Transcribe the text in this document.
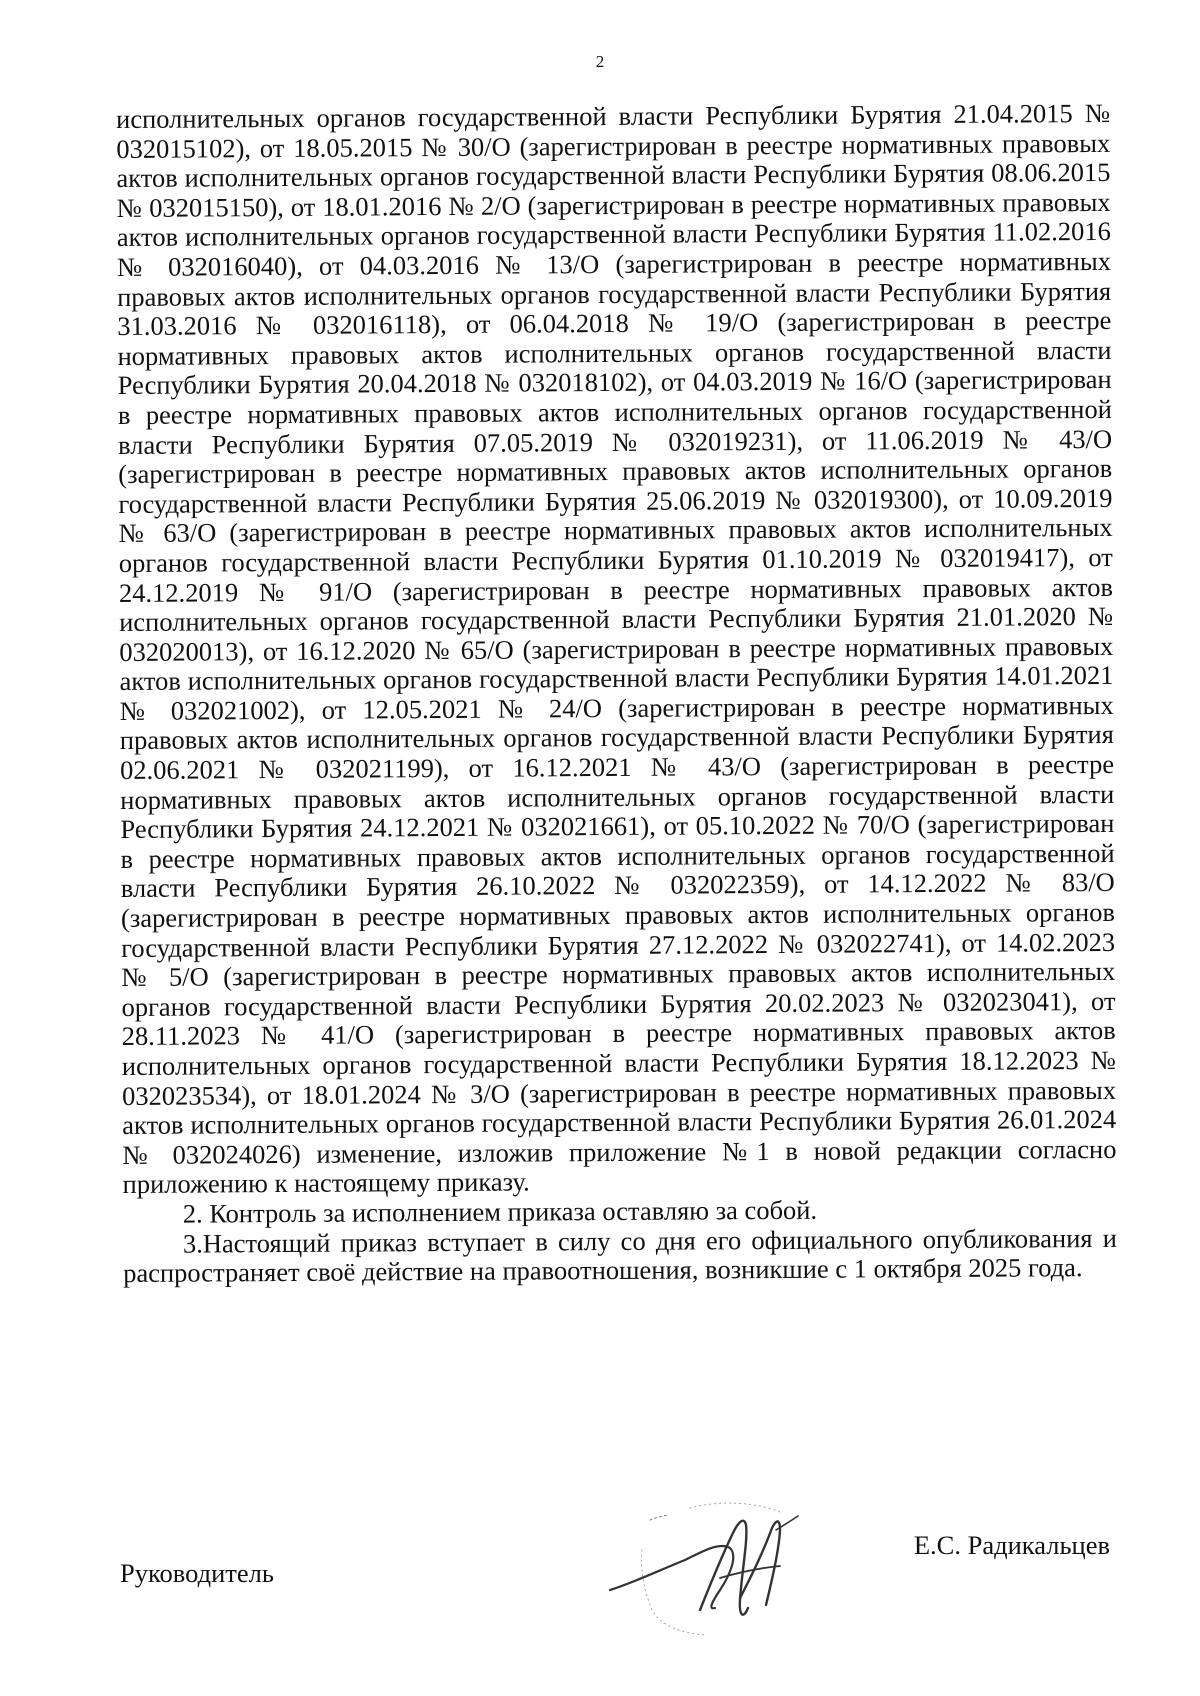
2

исполнительных органов государственной власти Республики Бурятия 21.04.2015 № 032015102), от 18.05.2015 № 30/О (зарегистрирован в реестре нормативных правовых актов исполнительных органов государственной власти Республики Бурятия 08.06.2015 № 032015150), от 18.01.2016 № 2/О (зарегистрирован в реестре нормативных правовых актов исполнительных органов государственной власти Республики Бурятия 11.02.2016 № 032016040), от 04.03.2016 № 13/О (зарегистрирован в реестре нормативных правовых актов исполнительных органов государственной власти Республики Бурятия 31.03.2016 № 032016118), от 06.04.2018 № 19/О (зарегистрирован в реестре нормативных правовых актов исполнительных органов государственной власти Республики Бурятия 20.04.2018 № 032018102), от 04.03.2019 № 16/О (зарегистрирован в реестре нормативных правовых актов исполнительных органов государственной власти Республики Бурятия 07.05.2019 № 032019231), от 11.06.2019 № 43/О (зарегистрирован в реестре нормативных правовых актов исполнительных органов государственной власти Республики Бурятия 25.06.2019 № 032019300), от 10.09.2019 № 63/О (зарегистрирован в реестре нормативных правовых актов исполнительных органов государственной власти Республики Бурятия 01.10.2019 № 032019417), от 24.12.2019 № 91/О (зарегистрирован в реестре нормативных правовых актов исполнительных органов государственной власти Республики Бурятия 21.01.2020 № 032020013), от 16.12.2020 № 65/О (зарегистрирован в реестре нормативных правовых актов исполнительных органов государственной власти Республики Бурятия 14.01.2021 № 032021002), от 12.05.2021 № 24/О (зарегистрирован в реестре нормативных правовых актов исполнительных органов государственной власти Республики Бурятия 02.06.2021 № 032021199), от 16.12.2021 № 43/О (зарегистрирован в реестре нормативных правовых актов исполнительных органов государственной власти Республики Бурятия 24.12.2021 № 032021661), от 05.10.2022 № 70/О (зарегистрирован в реестре нормативных правовых актов исполнительных органов государственной власти Республики Бурятия 26.10.2022 № 032022359), от 14.12.2022 № 83/О (зарегистрирован в реестре нормативных правовых актов исполнительных органов государственной власти Республики Бурятия 27.12.2022 № 032022741), от 14.02.2023 № 5/О (зарегистрирован в реестре нормативных правовых актов исполнительных органов государственной власти Республики Бурятия 20.02.2023 № 032023041), от 28.11.2023 № 41/О (зарегистрирован в реестре нормативных правовых актов исполнительных органов государственной власти Республики Бурятия 18.12.2023 № 032023534), от 18.01.2024 № 3/О (зарегистрирован в реестре нормативных правовых актов исполнительных органов государственной власти Республики Бурятия 26.01.2024 № 032024026) изменение, изложив приложение №1 в новой редакции согласно приложению к настоящему приказу.

2. Контроль за исполнением приказа оставляю за собой.

3.Настоящий приказ вступает в силу со дня его официального опубликования и распространяет своё действие на правоотношения, возникшие с 1 октября 2025 года.

Руководитель
Е.С. Радикальцев
